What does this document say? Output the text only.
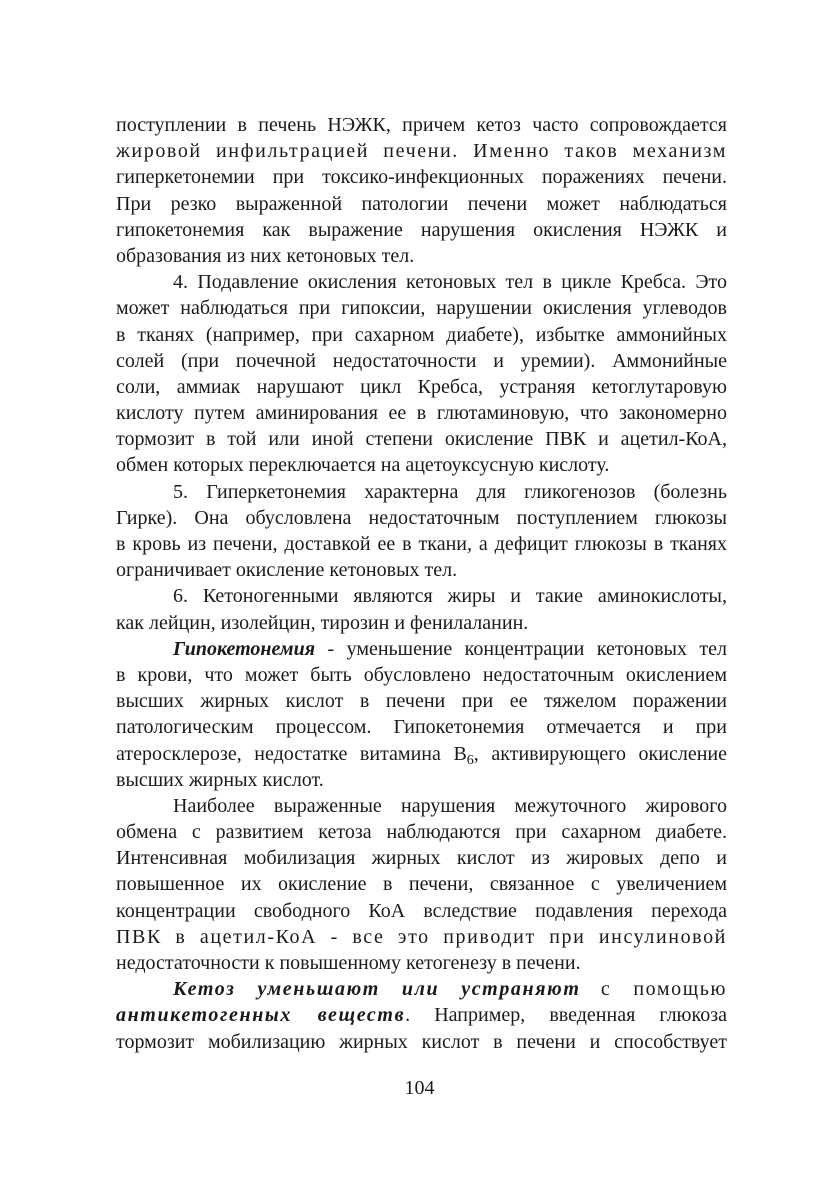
поступлении в печень НЭЖК, причем кетоз часто сопровождается
жировой инфильтрацией печени. Именно таков механизм
гиперкетонемии при токсико-инфекционных поражениях печени.
При резко выраженной патологии печени может наблюдаться
гипокетонемия как выражение нарушения окисления НЭЖК и
образования из них кетоновых тел.
4. Подавление окисления кетоновых тел в цикле Кребса. Это
может наблюдаться при гипоксии, нарушении окисления углеводов
в тканях (например, при сахарном диабете), избытке аммонийных
солей (при почечной недостаточности и уремии). Аммонийные
соли, аммиак нарушают цикл Кребса, устраняя кетоглутаровую
кислоту путем аминирования ее в глютаминовую, что закономерно
тормозит в той или иной степени окисление ПВК и ацетил-КоА,
обмен которых переключается на ацетоуксусную кислоту.
5. Гиперкетонемия характерна для гликогенозов (болезнь
Гирке). Она обусловлена недостаточным поступлением глюкозы
в кровь из печени, доставкой ее в ткани, а дефицит глюкозы в тканях
ограничивает окисление кетоновых тел.
6. Кетоногенными являются жиры и такие аминокислоты,
как лейцин, изолейцин, тирозин и фенилаланин.
Гипокетонемия - уменьшение концентрации кетоновых тел
в крови, что может быть обусловлено недостаточным окислением
высших жирных кислот в печени при ее тяжелом поражении
патологическим процессом. Гипокетонемия отмечается и при
атеросклерозе, недостатке витамина $B_6$, активирующего окисление
высших жирных кислот.
Наиболее выраженные нарушения межуточного жирового
обмена с развитием кетоза наблюдаются при сахарном диабете.
Интенсивная мобилизация жирных кислот из жировых депо и
повышенное их окисление в печени, связанное с увеличением
концентрации свободного КоА вследствие подавления перехода
ПВК в ацетил-КоА - все это приводит при инсулиновой
недостаточности к повышенному кетогенезу в печени.
Кетоз уменьшают или устраняют с помощью
антикетогенных веществ. Например, введенная глюкоза
тормозит мобилизацию жирных кислот в печени и способствует
104
